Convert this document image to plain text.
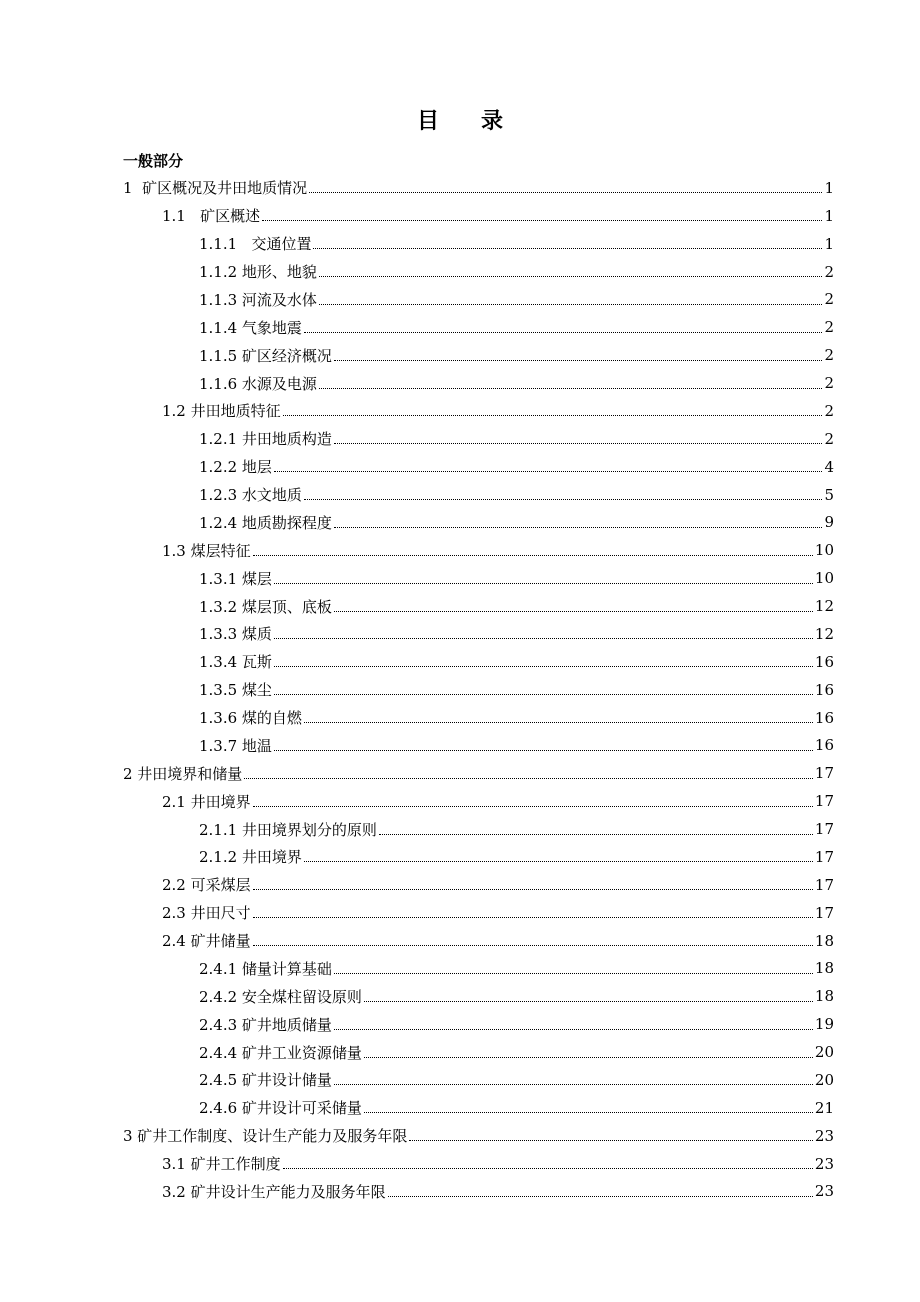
目录
一般部分
1  矿区概况及井田地质情况	1
1.1   矿区概述	1
1.1.1   交通位置	1
1.1.2 地形、地貌	2
1.1.3 河流及水体	2
1.1.4 气象地震	2
1.1.5 矿区经济概况	2
1.1.6 水源及电源	2
1.2 井田地质特征	2
1.2.1 井田地质构造	2
1.2.2 地层	4
1.2.3 水文地质	5
1.2.4 地质勘探程度	9
1.3 煤层特征	10
1.3.1 煤层	10
1.3.2 煤层顶、底板	12
1.3.3 煤质	12
1.3.4 瓦斯	16
1.3.5 煤尘	16
1.3.6 煤的自燃	16
1.3.7 地温	16
2 井田境界和储量	17
2.1 井田境界	17
2.1.1 井田境界划分的原则	17
2.1.2 井田境界	17
2.2 可采煤层	17
2.3 井田尺寸	17
2.4 矿井储量	18
2.4.1 储量计算基础	18
2.4.2 安全煤柱留设原则	18
2.4.3 矿井地质储量	19
2.4.4 矿井工业资源储量	20
2.4.5 矿井设计储量	20
2.4.6 矿井设计可采储量	21
3 矿井工作制度、设计生产能力及服务年限	23
3.1 矿井工作制度	23
3.2 矿井设计生产能力及服务年限	23
